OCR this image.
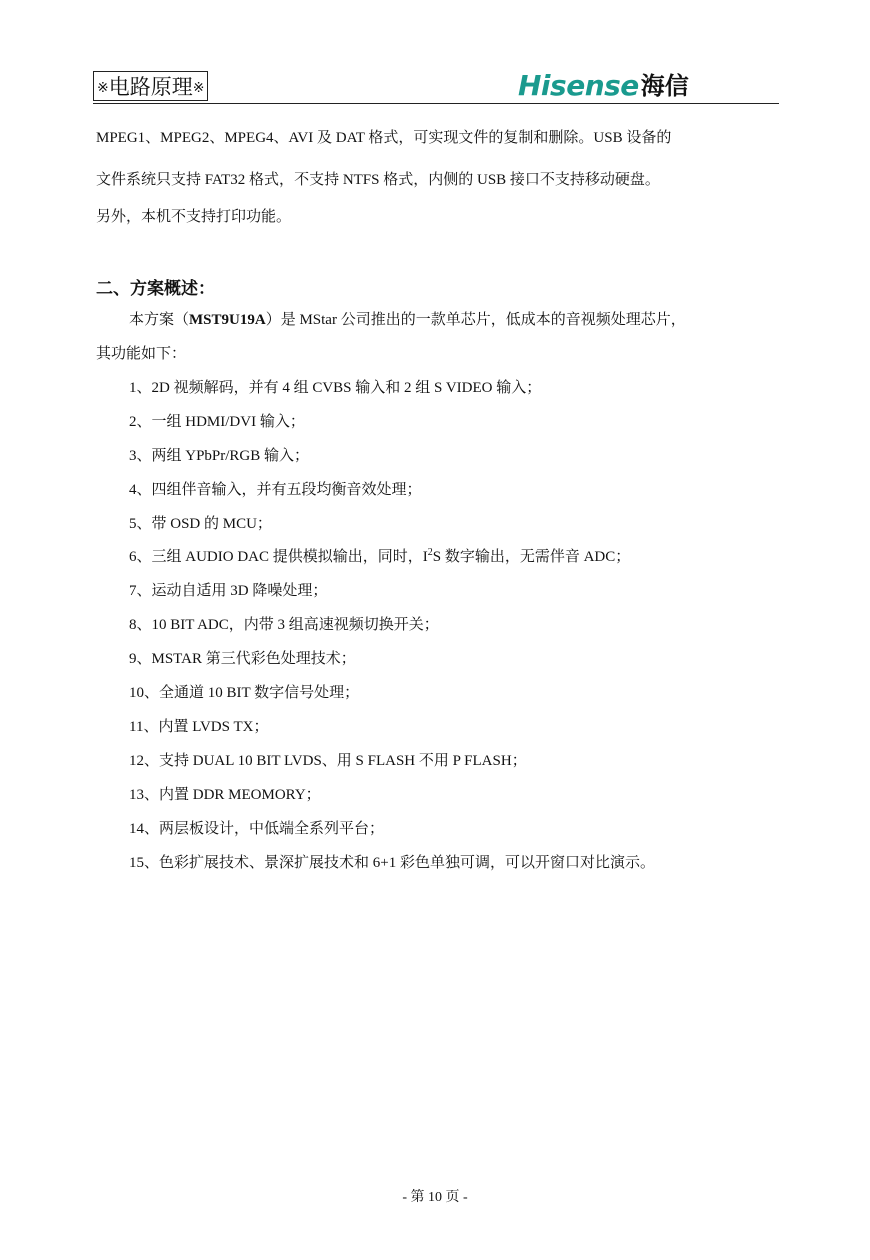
※电路原理※	Hisense 海信
MPEG1、MPEG2、MPEG4、AVI 及 DAT 格式，可实现文件的复制和删除。USB 设备的
文件系统只支持 FAT32 格式，不支持 NTFS 格式，内侧的 USB 接口不支持移动硬盘。
另外，本机不支持打印功能。
二、方案概述：
本方案（MST9U19A）是 MStar 公司推出的一款单芯片，低成本的音视频处理芯片，
其功能如下：
1、2D 视频解码，并有 4 组 CVBS 输入和 2 组 S VIDEO 输入；
2、一组 HDMI/DVI 输入；
3、两组 YPbPr/RGB 输入；
4、四组伴音输入，并有五段均衡音效处理；
5、带 OSD 的 MCU；
6、三组 AUDIO DAC 提供模拟输出，同时，$I^2S$ 数字输出，无需伴音 ADC；
7、运动自适用 3D 降噪处理；
8、10 BIT ADC，内带 3 组高速视频切换开关；
9、MSTAR 第三代彩色处理技术；
10、全通道 10 BIT 数字信号处理；
11、内置 LVDS TX；
12、支持 DUAL 10 BIT LVDS、用 S FLASH 不用 P FLASH；
13、内置 DDR MEOMORY；
14、两层板设计，中低端全系列平台；
15、色彩扩展技术、景深扩展技术和 6+1 彩色单独可调，可以开窗口对比演示。
- 第 10 页 -
